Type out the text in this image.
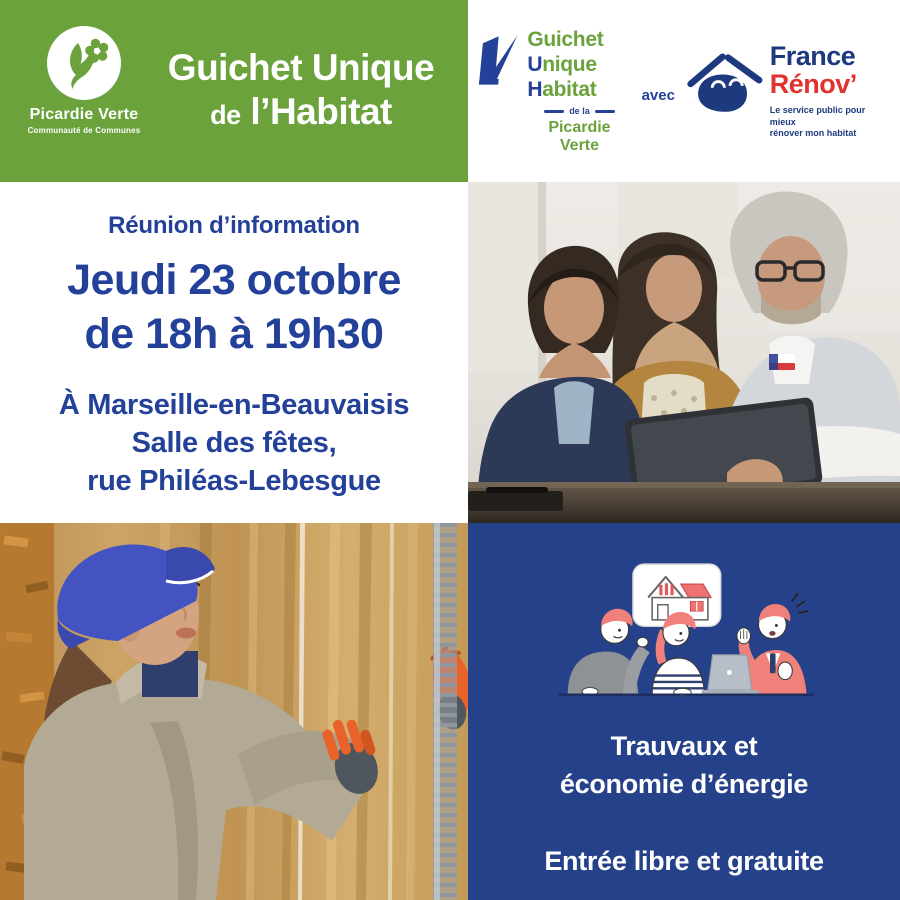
Picardie Verte
Communauté de Communes
Guichet Unique
de l’Habitat
Guichet
Unique
Habitat
de la
Picardie Verte
avec
France
Rénov’
Le service public pour mieux
rénover mon habitat

Réunion d’information

Jeudi 23 octobre
de 18h à 19h30

À Marseille-en-Beauvaisis
Salle des fêtes,
rue Philéas-Lebesgue

Trauvaux et
économie d’énergie

Entrée libre et gratuite
